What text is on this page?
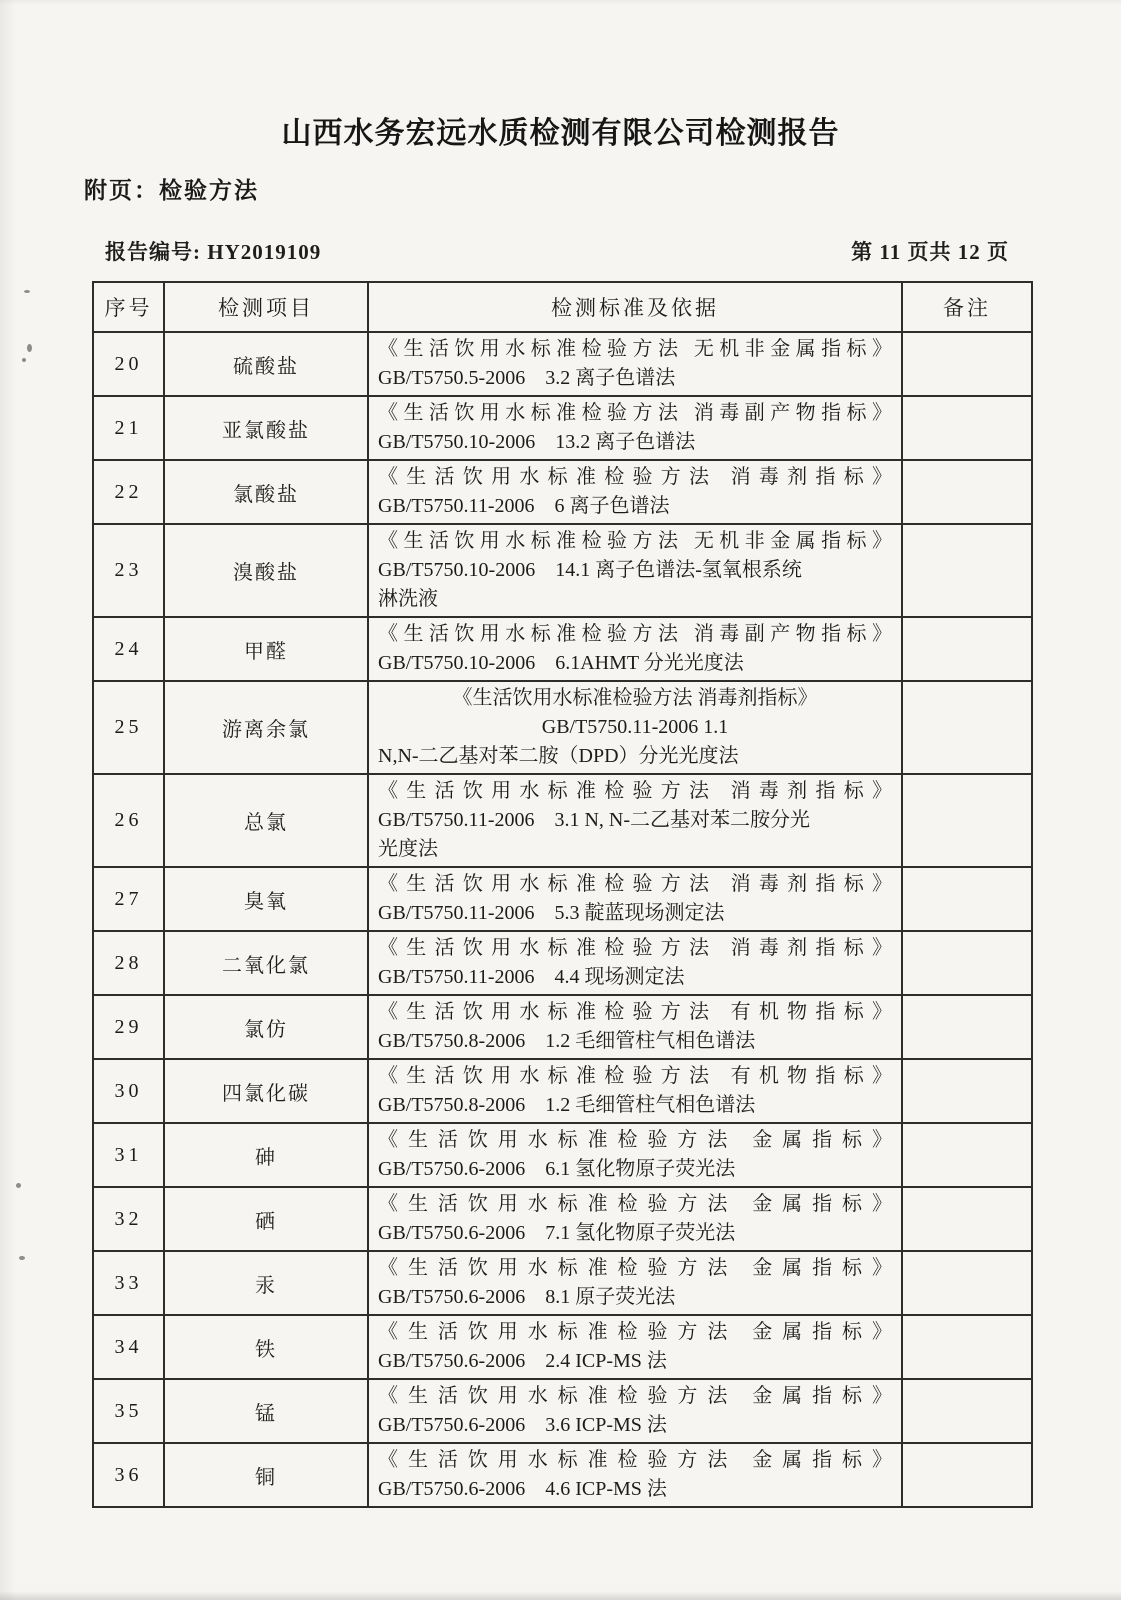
山西水务宏远水质检测有限公司检测报告
附页：检验方法
报告编号: HY2019109	第 11 页共 12 页
序号	检测项目	检测标准及依据	备注
20	硫酸盐	《生活饮用水标准检验方法 无机非金属指标》
GB/T5750.5-2006　3.2 离子色谱法	

21	亚氯酸盐	《生活饮用水标准检验方法 消毒副产物指标》
GB/T5750.10-2006　13.2 离子色谱法	

22	氯酸盐	《生活饮用水标准检验方法 消毒剂指标》
GB/T5750.11-2006　6 离子色谱法	

23	溴酸盐	《生活饮用水标准检验方法 无机非金属指标》
GB/T5750.10-2006　14.1 离子色谱法-氢氧根系统
淋洗液	

24	甲醛	《生活饮用水标准检验方法 消毒副产物指标》
GB/T5750.10-2006　6.1AHMT 分光光度法	

25	游离余氯	《生活饮用水标准检验方法 消毒剂指标》
GB/T5750.11-2006 1.1
N,N-二乙基对苯二胺（DPD）分光光度法	

26	总氯	《生活饮用水标准检验方法 消毒剂指标》
GB/T5750.11-2006　3.1 N, N-二乙基对苯二胺分光
光度法	

27	臭氧	《生活饮用水标准检验方法 消毒剂指标》
GB/T5750.11-2006　5.3 靛蓝现场测定法	

28	二氧化氯	《生活饮用水标准检验方法 消毒剂指标》
GB/T5750.11-2006　4.4 现场测定法	

29	氯仿	《生活饮用水标准检验方法 有机物指标》
GB/T5750.8-2006　1.2 毛细管柱气相色谱法	

30	四氯化碳	《生活饮用水标准检验方法 有机物指标》
GB/T5750.8-2006　1.2 毛细管柱气相色谱法	

31	砷	《生活饮用水标准检验方法 金属指标》
GB/T5750.6-2006　6.1 氢化物原子荧光法	

32	硒	《生活饮用水标准检验方法 金属指标》
GB/T5750.6-2006　7.1 氢化物原子荧光法	

33	汞	《生活饮用水标准检验方法 金属指标》
GB/T5750.6-2006　8.1 原子荧光法	

34	铁	《生活饮用水标准检验方法 金属指标》
GB/T5750.6-2006　2.4 ICP-MS 法	

35	锰	《生活饮用水标准检验方法 金属指标》
GB/T5750.6-2006　3.6 ICP-MS 法	

36	铜	《生活饮用水标准检验方法 金属指标》
GB/T5750.6-2006　4.6 ICP-MS 法	
